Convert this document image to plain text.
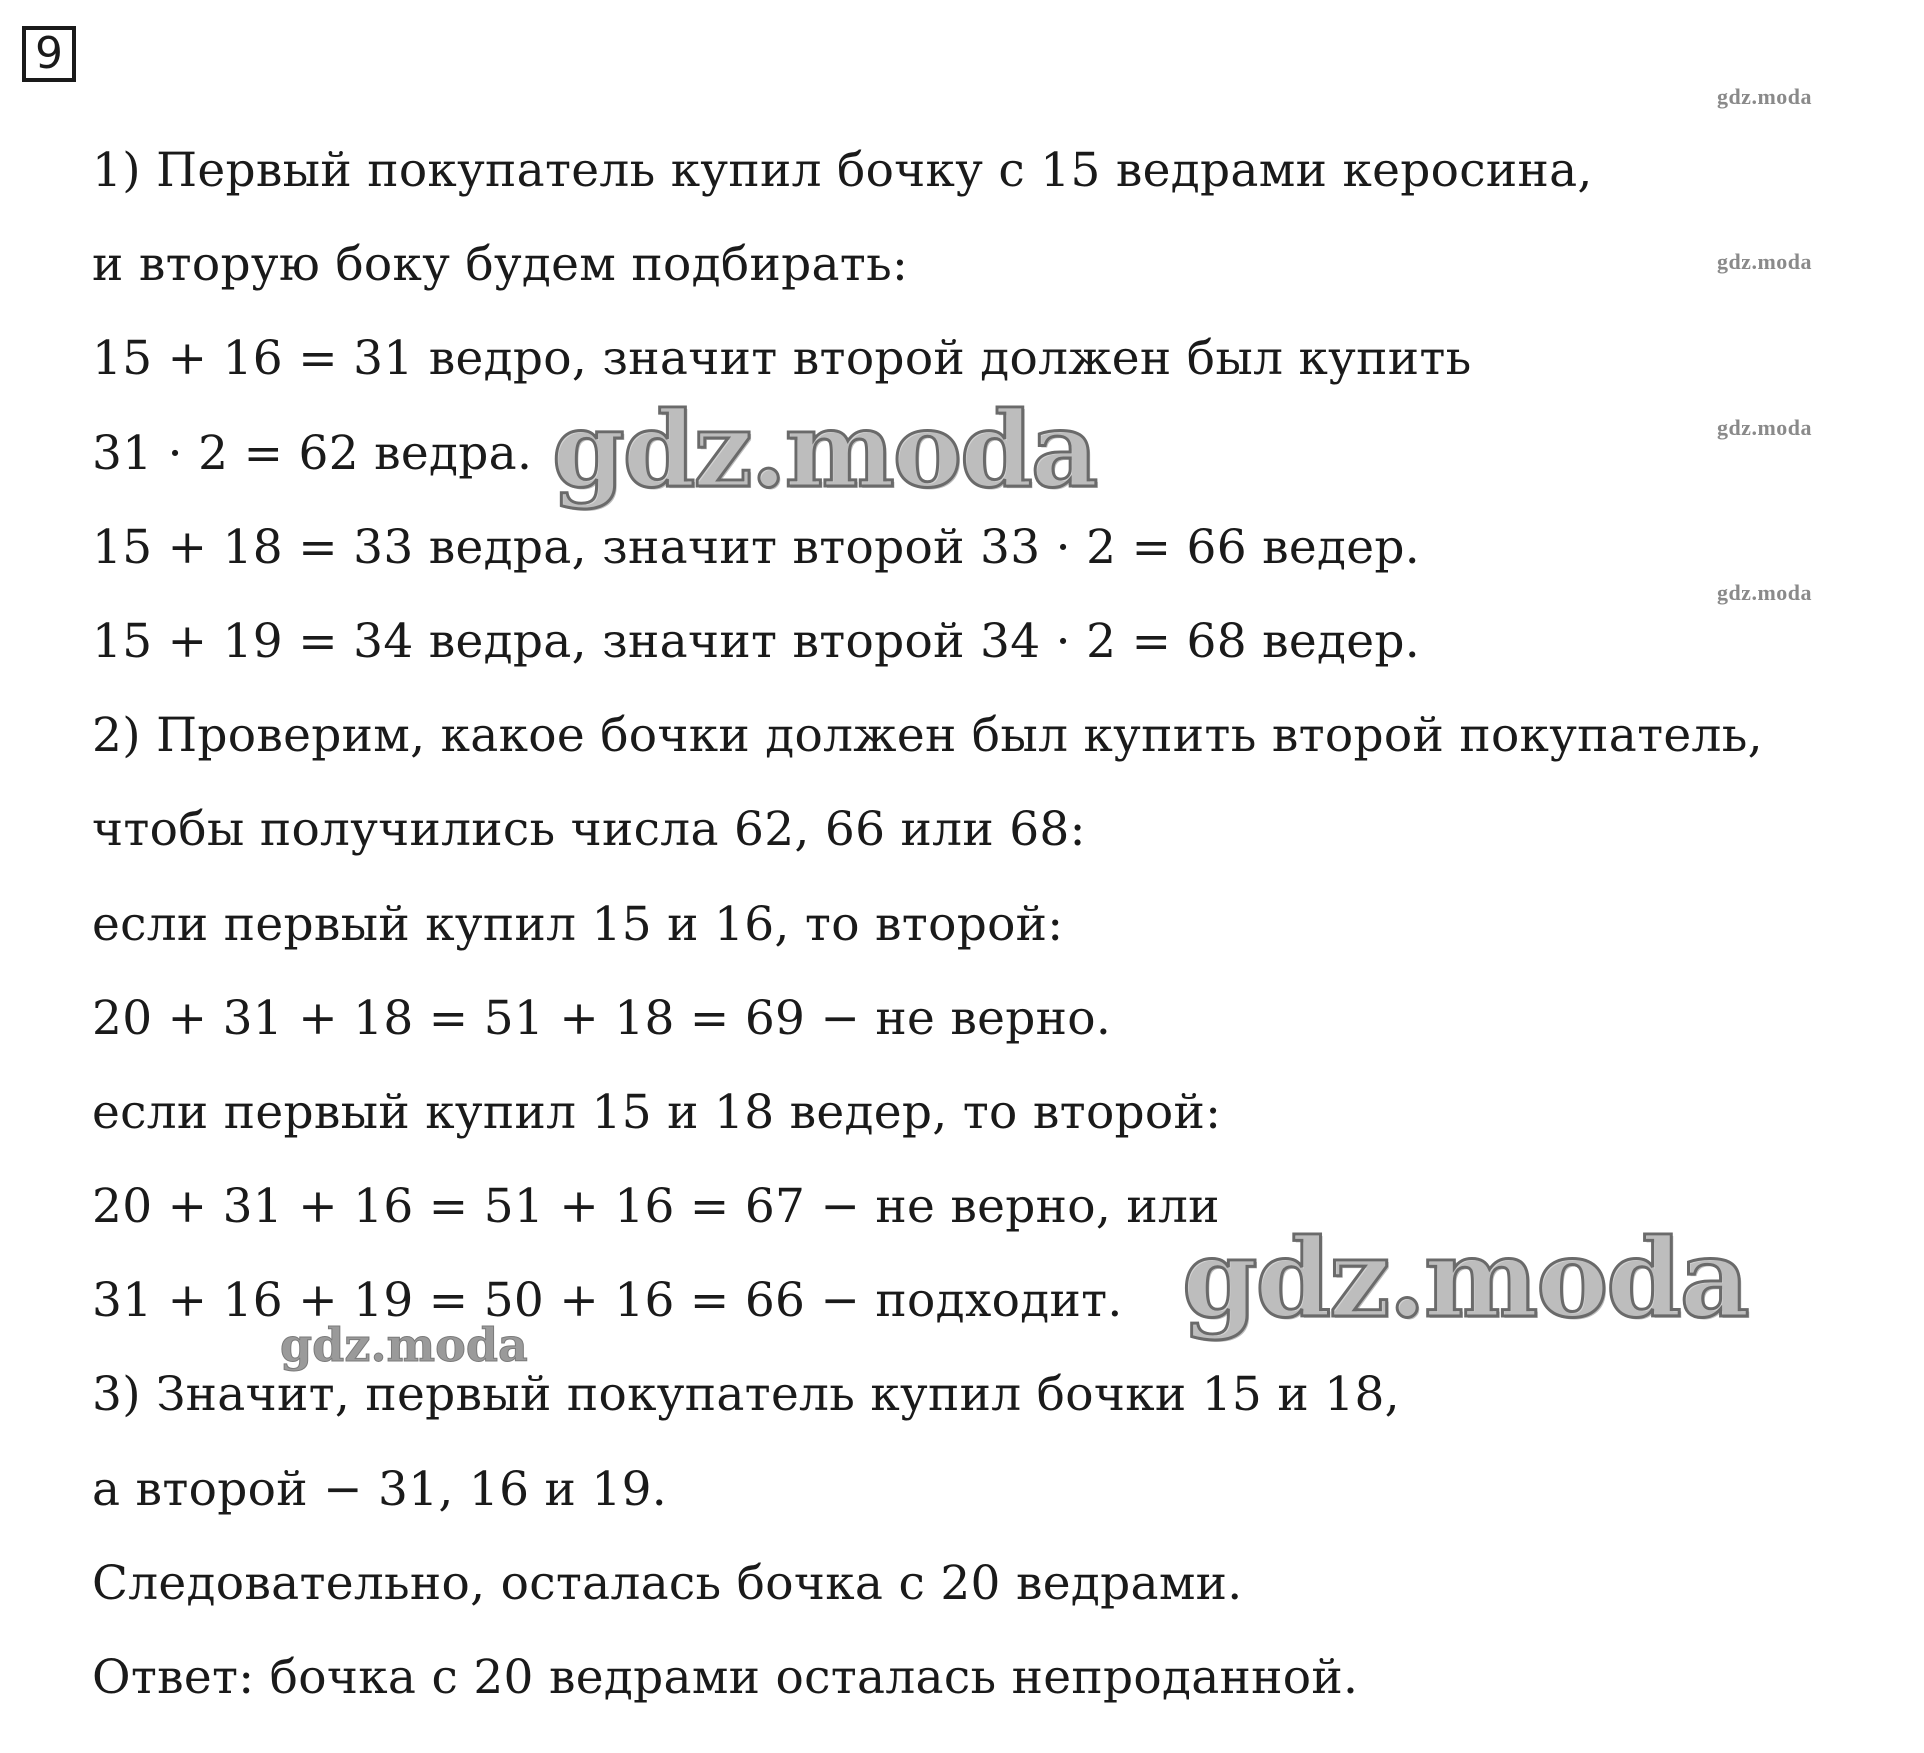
9
1) Первый покупатель купил бочку с 15 ведрами керосина,
и вторую боку будем подбирать:
15 + 16 = 31 ведро, значит второй должен был купить
31 · 2 = 62 ведра.
15 + 18 = 33 ведра, значит второй 33 · 2 = 66 ведер.
15 + 19 = 34 ведра, значит второй 34 · 2 = 68 ведер.
2) Проверим, какое бочки должен был купить второй покупатель,
чтобы получились числа 62, 66 или 68:
если первый купил 15 и 16, то второй:
20 + 31 + 18 = 51 + 18 = 69 − не верно.
если первый купил 15 и 18 ведер, то второй:
20 + 31 + 16 = 51 + 16 = 67 − не верно, или
31 + 16 + 19 = 50 + 16 = 66 − подходит.
3) Значит, первый покупатель купил бочки 15 и 18,
а второй − 31, 16 и 19.
Следовательно, осталась бочка с 20 ведрами.
Ответ: бочка с 20 ведрами осталась непроданной.
gdz.moda
gdz.moda
gdz.moda
gdz.moda
gdz.moda
gdz.moda
gdz.moda
